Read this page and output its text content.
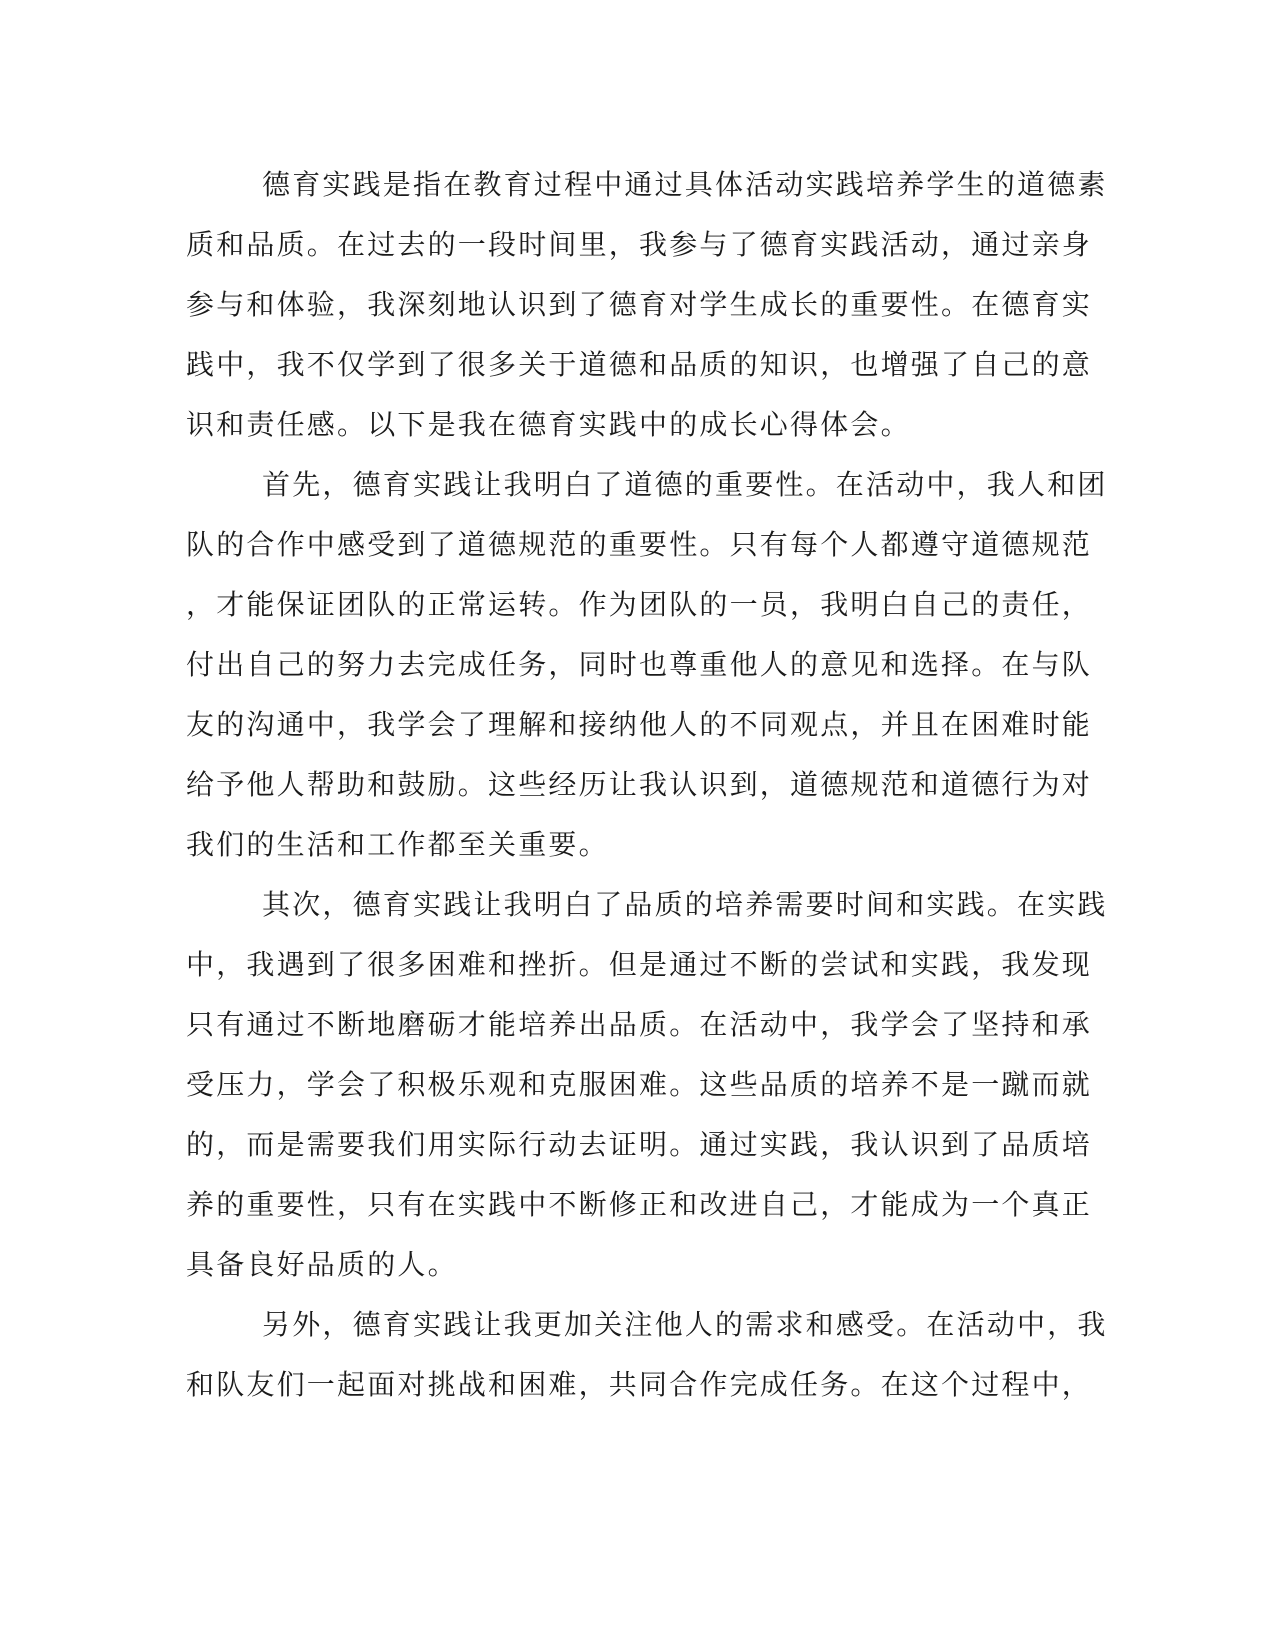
德育实践是指在教育过程中通过具体活动实践培养学生的道德素
质和品质。在过去的一段时间里，我参与了德育实践活动，通过亲身
参与和体验，我深刻地认识到了德育对学生成长的重要性。在德育实
践中，我不仅学到了很多关于道德和品质的知识，也增强了自己的意
识和责任感。以下是我在德育实践中的成长心得体会。
首先，德育实践让我明白了道德的重要性。在活动中，我人和团
队的合作中感受到了道德规范的重要性。只有每个人都遵守道德规范
，才能保证团队的正常运转。作为团队的一员，我明白自己的责任，
付出自己的努力去完成任务，同时也尊重他人的意见和选择。在与队
友的沟通中，我学会了理解和接纳他人的不同观点，并且在困难时能
给予他人帮助和鼓励。这些经历让我认识到，道德规范和道德行为对
我们的生活和工作都至关重要。
其次，德育实践让我明白了品质的培养需要时间和实践。在实践
中，我遇到了很多困难和挫折。但是通过不断的尝试和实践，我发现
只有通过不断地磨砺才能培养出品质。在活动中，我学会了坚持和承
受压力，学会了积极乐观和克服困难。这些品质的培养不是一蹴而就
的，而是需要我们用实际行动去证明。通过实践，我认识到了品质培
养的重要性，只有在实践中不断修正和改进自己，才能成为一个真正
具备良好品质的人。
另外，德育实践让我更加关注他人的需求和感受。在活动中，我
和队友们一起面对挑战和困难，共同合作完成任务。在这个过程中，
